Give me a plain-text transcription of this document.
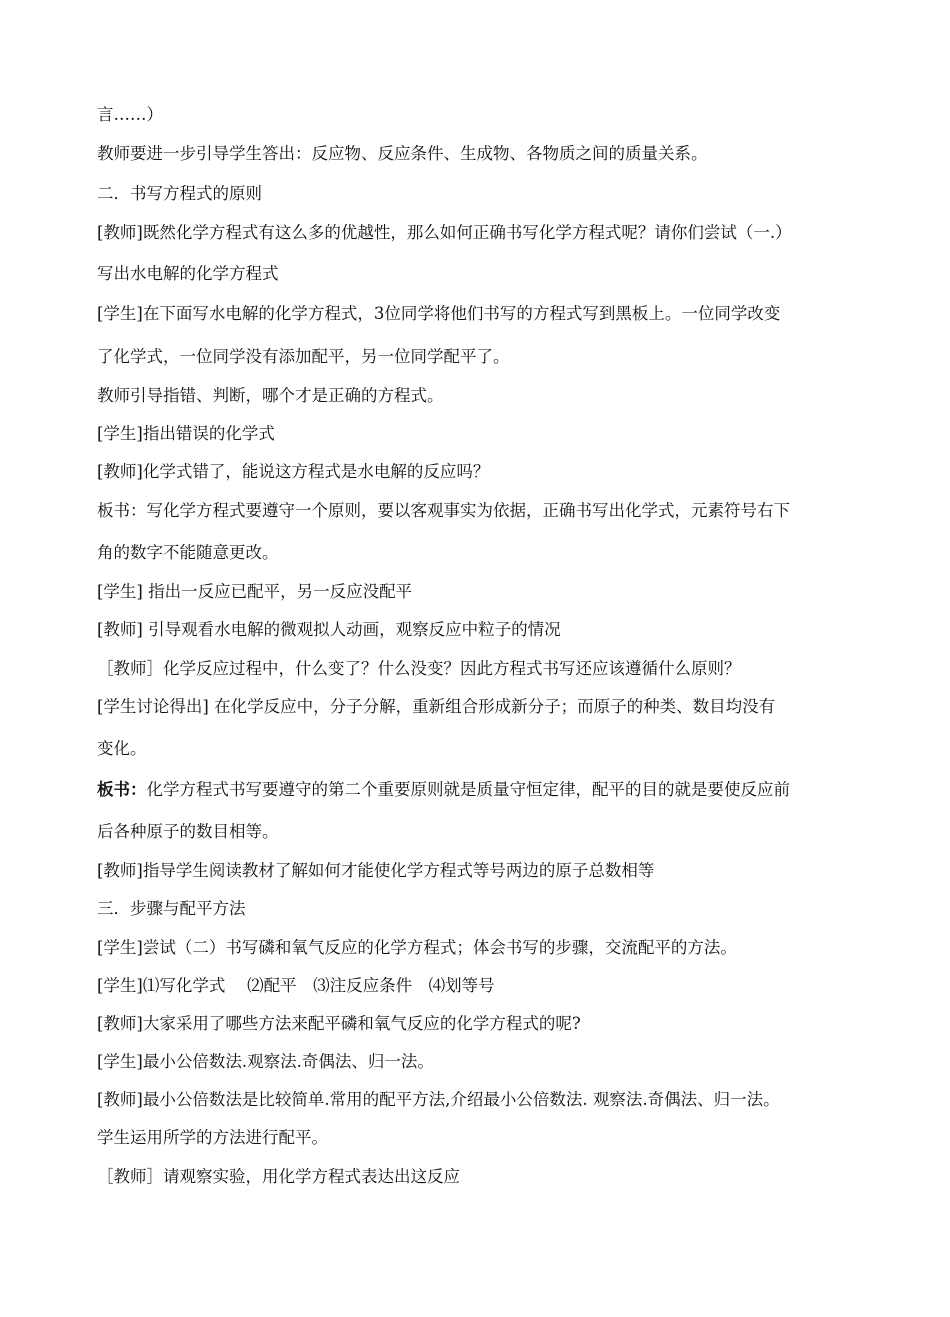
言……）
教师要进一步引导学生答出：反应物、反应条件、生成物、各物质之间的质量关系。
二．书写方程式的原则
[教师]既然化学方程式有这么多的优越性，那么如何正确书写化学方程式呢？请你们尝试（一.）
写出水电解的化学方程式
[学生]在下面写水电解的化学方程式，3位同学将他们书写的方程式写到黑板上。一位同学改变
了化学式，一位同学没有添加配平，另一位同学配平了。
教师引导指错、判断，哪个才是正确的方程式。
[学生]指出错误的化学式
[教师]化学式错了，能说这方程式是水电解的反应吗？
板书：写化学方程式要遵守一个原则，要以客观事实为依据，正确书写出化学式，元素符号右下
角的数字不能随意更改。
[学生] 指出一反应已配平，另一反应没配平
[教师] 引导观看水电解的微观拟人动画，观察反应中粒子的情况
［教师］化学反应过程中，什么变了？什么没变？因此方程式书写还应该遵循什么原则？
[学生讨论得出] 在化学反应中，分子分解，重新组合形成新分子；而原子的种类、数目均没有
变化。
板书：化学方程式书写要遵守的第二个重要原则就是质量守恒定律，配平的目的就是要使反应前
后各种原子的数目相等。
[教师]指导学生阅读教材了解如何才能使化学方程式等号两边的原子总数相等
三．步骤与配平方法
[学生]尝试（二）书写磷和氧气反应的化学方程式；体会书写的步骤，交流配平的方法。
[学生]⑴写化学式　 ⑵配平　⑶注反应条件　⑷划等号
[教师]大家采用了哪些方法来配平磷和氧气反应的化学方程式的呢?
[学生]最小公倍数法.观察法.奇偶法、归一法。
[教师]最小公倍数法是比较简单.常用的配平方法,介绍最小公倍数法. 观察法.奇偶法、归一法。
学生运用所学的方法进行配平。
［教师］请观察实验，用化学方程式表达出这反应
